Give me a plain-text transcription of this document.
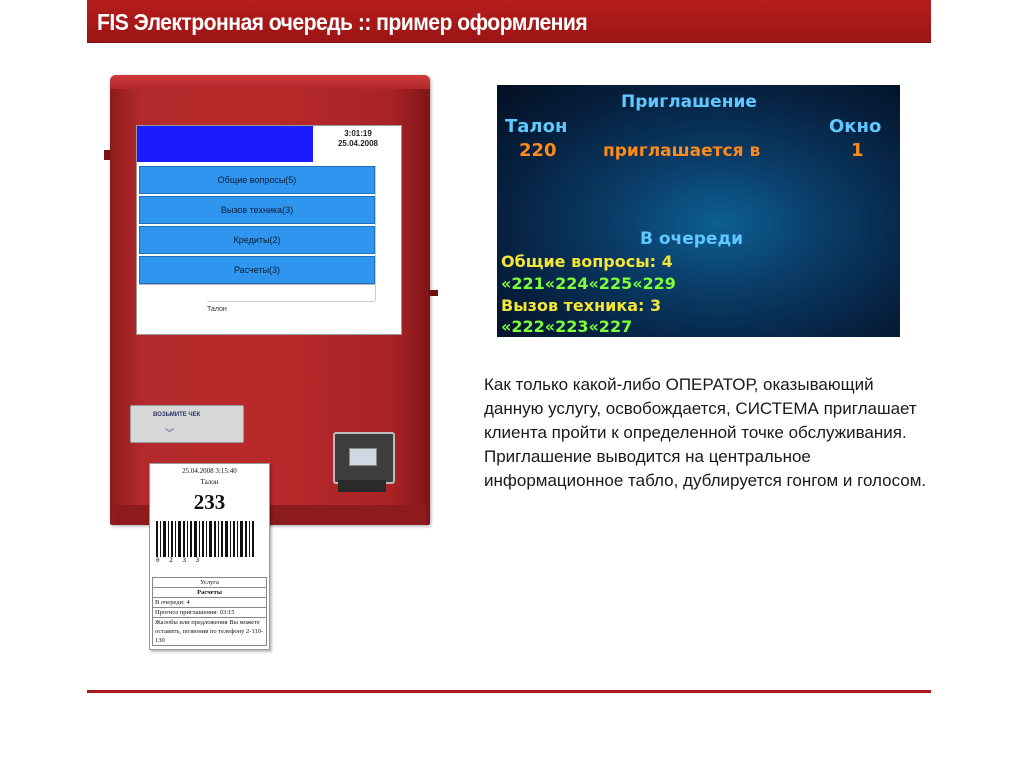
FIS Электронная очередь :: пример оформления
3:01:19
25.04.2008
Общие вопросы(5)
Вызов техника(3)
Кредиты(2)
Расчеты(3)
Талон
ВОЗЬМИТЕ ЧЕК
︾
25.04.2008 3:15:40
Талон
233
0 2 3 3
Услуга
Расчеты
В очереди: 4
Прогноз приглашения: 03:15
Жалобы или предложения Вы можете оставить, позвонив по телефону 2-110-130
Приглашение
Талон	Окно
220	приглашается в	1
В очереди
Общие вопросы: 4
«221«224«225«229
Вызов техника: 3
«222«223«227
Как только какой-либо ОПЕРАТОР, оказывающий данную услугу, освобождается, СИСТЕМА приглашает клиента пройти к определенной точке обслуживания. Приглашение выводится на центральное информационное табло, дублируется гонгом и голосом.
